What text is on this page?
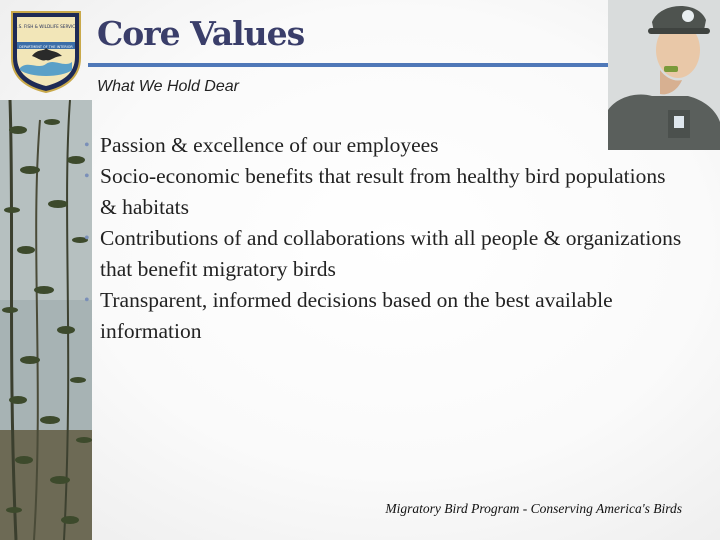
U.S. FISH & WILDLIFE SERVICE
DEPARTMENT OF THE INTERIOR Core Values
What We Hold Dear
• Passion & excellence of our employees
• Socio-economic benefits that result from healthy bird populations & habitats
• Contributions of and collaborations with all people & organizations that benefit migratory birds
• Transparent, informed decisions based on the best available information
Migratory Bird Program - Conserving America's Birds
